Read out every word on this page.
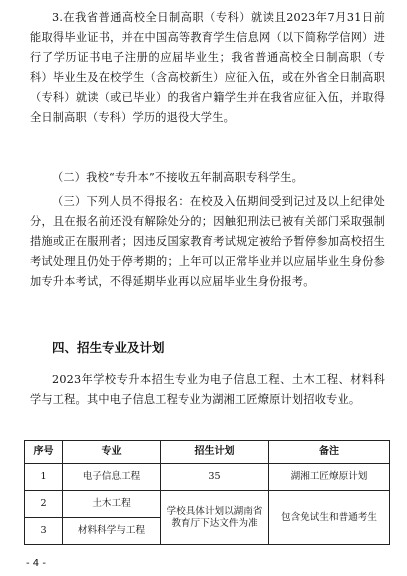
3.在我省普通高校全日制高职（专科）就读且2023年7月31日前能取得毕业证书，并在中国高等教育学生信息网（以下简称学信网）进行了学历证书电子注册的应届毕业生；我省普通高校全日制高职（专科）毕业生及在校学生（含高校新生）应征入伍，或在外省全日制高职（专科）就读（或已毕业）的我省户籍学生并在我省应征入伍，并取得全日制高职（专科）学历的退役大学生。
（二）我校“专升本”不接收五年制高职专科学生。
（三）下列人员不得报名：在校及入伍期间受到记过及以上纪律处分，且在报名前还没有解除处分的；因触犯刑法已被有关部门采取强制措施或正在服刑者；因违反国家教育考试规定被给予暂停参加高校招生考试处理且仍处于停考期的；上年可以正常毕业并以应届毕业生身份参加专升本考试，不得延期毕业再以应届毕业生身份报考。
四、招生专业及计划
2023年学校专升本招生专业为电子信息工程、土木工程、材料科学与工程。其中电子信息工程专业为湖湘工匠燎原计划招收专业。
序号	专业	招生计划	备注
1	电子信息工程	35	湖湘工匠燎原计划
2	土木工程	学校具体计划以湖南省教育厅下达文件为准	包含免试生和普通考生
3	材料科学与工程		
- 4 -
